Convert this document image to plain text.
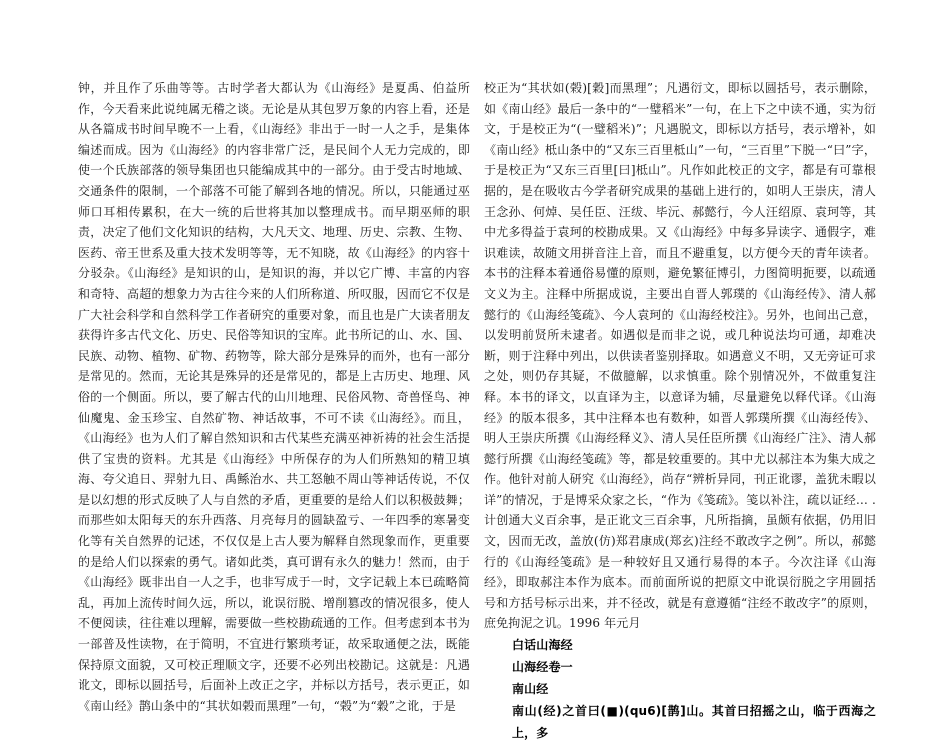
钟，并且作了乐曲等等。古时学者大都认为《山海经》是夏禹、伯益所作，今天看来此说纯属无稽之谈。无论是从其包罗万象的内容上看，还是从各篇成书时间早晚不一上看，《山海经》非出于一时一人之手，是集体编述而成。因为《山海经》的内容非常广泛，是民间个人无力完成的，即使一个氏族部落的领导集团也只能编成其中的一部分。由于受古时地域、交通条件的限制，一个部落不可能了解到各地的情况。所以，只能通过巫师口耳相传累积，在大一统的后世将其加以整理成书。而早期巫师的职责，决定了他们文化知识的结构，大凡天文、地理、历史、宗教、生物、医药、帝王世系及重大技术发明等等，无不知晓，故《山海经》的内容十分驳杂。《山海经》是知识的山，是知识的海，并以它广博、丰富的内容和奇特、高超的想象力为古往今来的人们所称道、所叹服，因而它不仅是广大社会科学和自然科学工作者研究的重要对象，而且也是广大读者朋友获得许多古代文化、历史、民俗等知识的宝库。此书所记的山、水、国、民族、动物、植物、矿物、药物等，除大部分是殊异的而外，也有一部分是常见的。然而，无论其是殊异的还是常见的，都是上古历史、地理、风俗的一个侧面。所以，要了解古代的山川地理、民俗风物、奇兽怪鸟、神仙魔鬼、金玉珍宝、自然矿物、神话故事，不可不读《山海经》。而且，《山海经》也为人们了解自然知识和古代某些充满巫神祈祷的社会生活提供了宝贵的资料。尤其是《山海经》中所保存的为人们所熟知的精卫填海、夸父追日、羿射九日、禹鲧治水、共工怒触不周山等神话传说，不仅是以幻想的形式反映了人与自然的矛盾，更重要的是给人们以积极鼓舞；而那些如太阳每天的东升西落、月亮每月的圆缺盈亏、一年四季的寒暑变化等有关自然界的记述，不仅仅是上古人要为解释自然现象而作，更重要的是给人们以探索的勇气。诸如此类，真可谓有永久的魅力！然而，由于《山海经》既非出自一人之手，也非写成于一时，文字记载上本已疏略简乱，再加上流传时间久远，所以，讹误衍脱、增削篡改的情况很多，使人不便阅读，往往难以理解，需要做一些校勘疏通的工作。但考虑到本书为一部普及性读物，在于简明，不宜进行繁琐考证，故采取通便之法，既能保持原文面貌，又可校正理顺文字，还要不必列出校勘记。这就是：凡遇讹文，即标以圆括号，后面补上改正之字，并标以方括号，表示更正，如《南山经》鹊山条中的“其状如榖而黑理”一句，“榖”为“穀”之讹，于是

校正为“其状如(榖)[穀]而黑理”；凡遇衍文，即标以圆括号，表示删除，如《南山经》最后一条中的“一璧稻米”一句，在上下之中读不通，实为衍文，于是校正为“(一璧稻米)”；凡遇脱文，即标以方括号，表示增补，如《南山经》柢山条中的“又东三百里柢山”一句，“三百里”下脱一“曰”字，于是校正为“又东三百里[曰]柢山”。凡作如此校正的文字，都是有可靠根据的，是在吸收古今学者研究成果的基础上进行的，如明人王崇庆，清人王念孙、何焯、吴任臣、汪绂、毕沅、郝懿行，今人汪绍原、袁珂等，其中尤多得益于袁珂的校勘成果。又《山海经》中每多异读字、通假字，难识难读，故随文用拼音注上音，而且不避重复，以方便今天的青年读者。本书的注释本着通俗易懂的原则，避免繁征博引，力图简明扼要，以疏通文义为主。注释中所据成说，主要出自晋人郭璞的《山海经传》、清人郝懿行的《山海经笺疏》、今人袁珂的《山海经校注》。另外，也间出己意，以发明前贤所未逮者。如遇似是而非之说，或几种说法均可通，却难决断，则于注释中列出，以供读者鉴别择取。如遇意义不明，又无旁证可求之处，则仍存其疑，不做臆解，以求慎重。除个别情况外，不做重复注释。本书的译文，以直译为主，以意译为辅，尽量避免以释代译。《山海经》的版本很多，其中注释本也有数种，如晋人郭璞所撰《山海经传》、明人王崇庆所撰《山海经释义》、清人吴任臣所撰《山海经广注》、清人郝懿行所撰《山海经笺疏》等，都是较重要的。其中尤以郝注本为集大成之作。他针对前人研究《山海经》，尚存“辨析异同，刊正讹谬，盖犹未暇以详”的情况，于是博采众家之长，“作为《笺疏》。笺以补注，疏以证经… .计创通大义百余事，是正讹文三百余事，凡所指摘，虽颇有依据，仍用旧文，因而无改，盖放(仿)郑君康成(郑玄)注经不敢改字之例”。所以，郝懿行的《山海经笺疏》是一种较好且又通行易得的本子。今次注译《山海经》，即取郝注本作为底本。而前面所说的把原文中讹误衍脱之字用圆括号和方括号标示出来，并不径改，就是有意遵循“注经不敢改字”的原则，庶免拘泥之讥。1996 年元月

白话山海经
山海经卷一
南山经
南山(经)之首曰(■)(qu6)[鹊]山。其首曰招摇之山，临于西海之上，多
